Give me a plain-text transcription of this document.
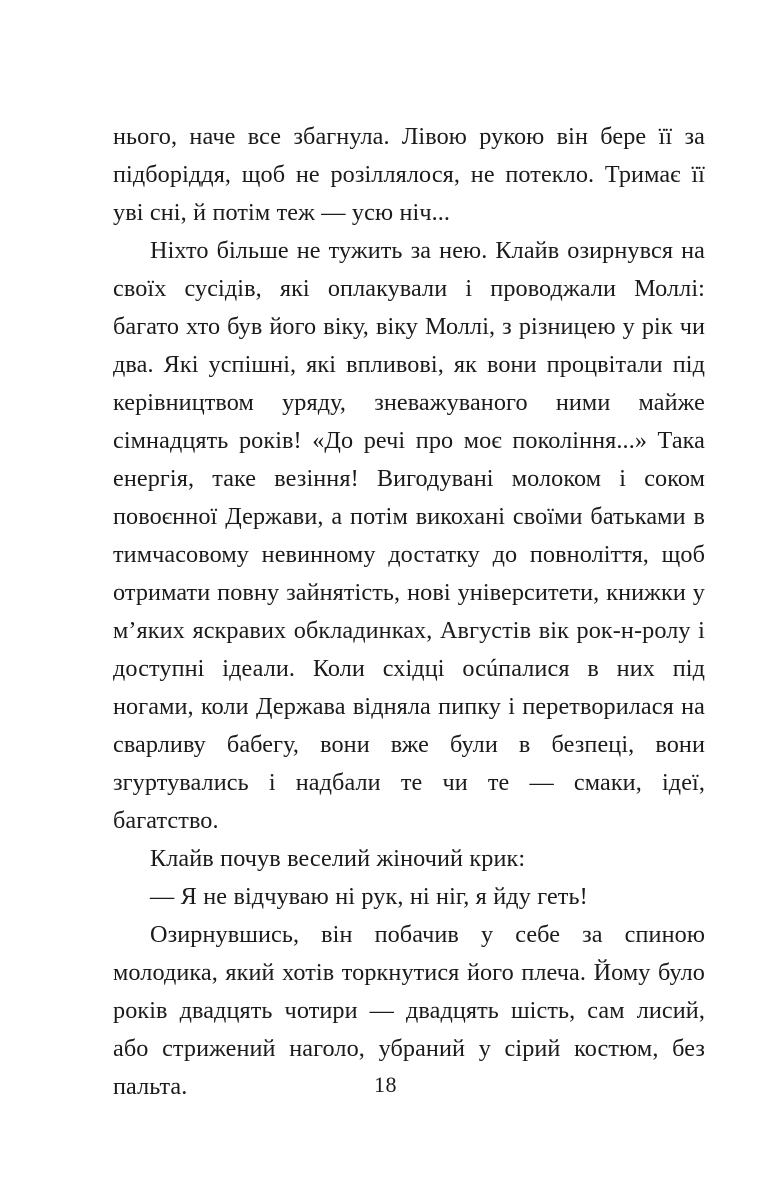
нього, наче все збагнула. Лівою рукою він бере її за підборіддя, щоб не розіллялося, не потекло. Тримає її уві сні, й потім теж — усю ніч...

Ніхто більше не тужить за нею. Клайв озирнувся на своїх сусідів, які оплакували і проводжали Моллі: багато хто був його віку, віку Моллі, з різницею у рік чи два. Які успішні, які впливові, як вони процвітали під керівництвом уряду, зневажуваного ними майже сімнадцять років! «До речі про моє покоління...» Така енергія, таке везіння! Вигодувані молоком і соком повоєнної Держави, а потім викохані своїми батьками в тимчасовому невинному достатку до повноліття, щоб отримати повну зайнятість, нові університети, книжки у м’яких яскравих обкладинках, Августів вік рок-н-ролу і доступні ідеали. Коли східці осúпалися в них під ногами, коли Держава відняла пипку і перетворилася на сварливу бабегу, вони вже були в безпеці, вони згуртувались і надбали те чи те — смаки, ідеї, багатство.

Клайв почув веселий жіночий крик:

— Я не відчуваю ні рук, ні ніг, я йду геть!

Озирнувшись, він побачив у себе за спиною молодика, який хотів торкнутися його плеча. Йому було років двадцять чотири — двадцять шість, сам лисий, або стрижений наголо, убраний у сірий костюм, без пальта.	18
